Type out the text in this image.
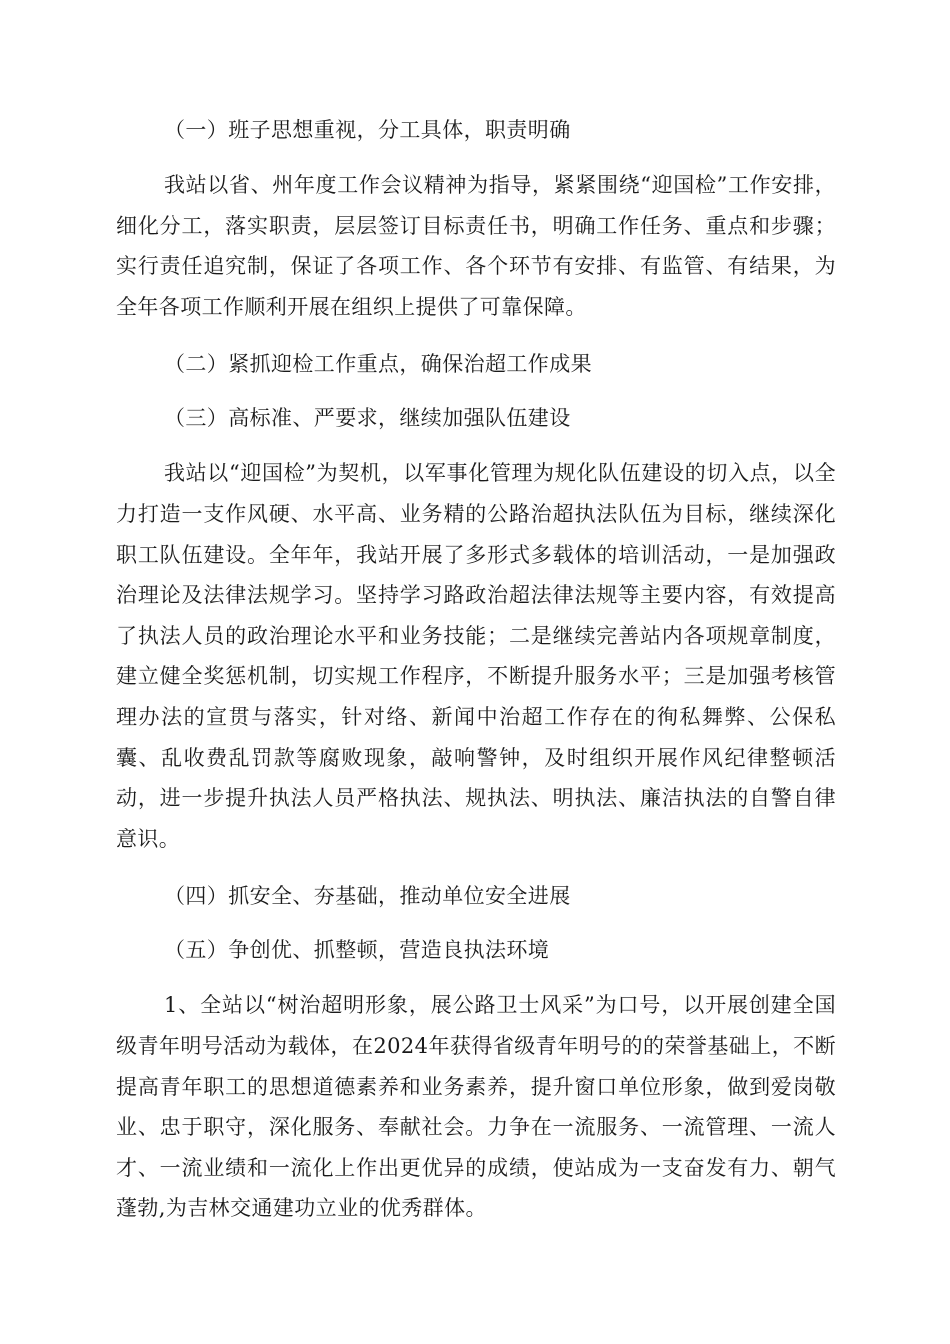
（一）班子思想重视，分工具体，职责明确

我站以省、州年度工作会议精神为指导，紧紧围绕“迎国检”工作安排，细化分工，落实职责，层层签订目标责任书，明确工作任务、重点和步骤；实行责任追究制，保证了各项工作、各个环节有安排、有监管、有结果，为全年各项工作顺利开展在组织上提供了可靠保障。

（二）紧抓迎检工作重点，确保治超工作成果

（三）高标准、严要求，继续加强队伍建设

我站以“迎国检”为契机，以军事化管理为规化队伍建设的切入点，以全力打造一支作风硬、水平高、业务精的公路治超执法队伍为目标，继续深化职工队伍建设。全年年，我站开展了多形式多载体的培训活动，一是加强政治理论及法律法规学习。坚持学习路政治超法律法规等主要内容，有效提高了执法人员的政治理论水平和业务技能；二是继续完善站内各项规章制度，建立健全奖惩机制，切实规工作程序，不断提升服务水平；三是加强考核管理办法的宣贯与落实，针对络、新闻中治超工作存在的徇私舞弊、公保私囊、乱收费乱罚款等腐败现象，敲响警钟，及时组织开展作风纪律整顿活动，进一步提升执法人员严格执法、规执法、明执法、廉洁执法的自警自律意识。

（四）抓安全、夯基础，推动单位安全进展

（五）争创优、抓整顿，营造良执法环境

1、全站以“树治超明形象，展公路卫士风采”为口号，以开展创建全国级青年明号活动为载体，在2024年获得省级青年明号的的荣誉基础上，不断提高青年职工的思想道德素养和业务素养，提升窗口单位形象，做到爱岗敬业、忠于职守，深化服务、奉献社会。力争在一流服务、一流管理、一流人才、一流业绩和一流化上作出更优异的成绩，使站成为一支奋发有力、朝气蓬勃,为吉林交通建功立业的优秀群体。
